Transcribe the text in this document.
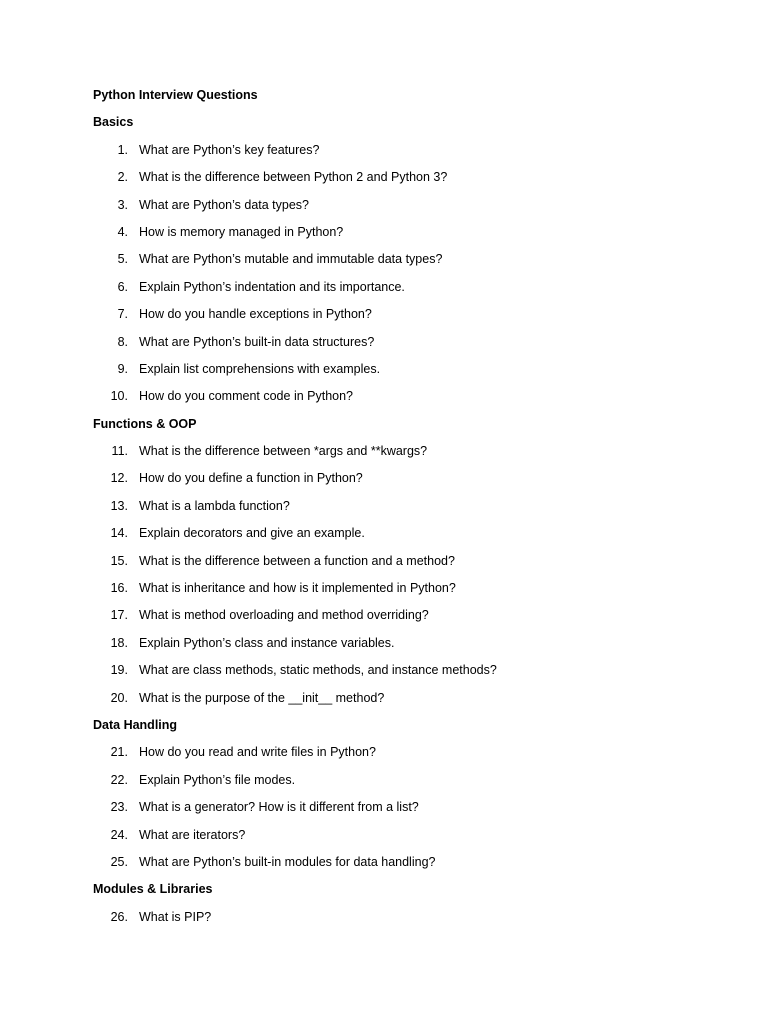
Python Interview Questions
Basics
1. What are Python’s key features?
2. What is the difference between Python 2 and Python 3?
3. What are Python’s data types?
4. How is memory managed in Python?
5. What are Python’s mutable and immutable data types?
6. Explain Python’s indentation and its importance.
7. How do you handle exceptions in Python?
8. What are Python’s built-in data structures?
9. Explain list comprehensions with examples.
10. How do you comment code in Python?
Functions & OOP
11. What is the difference between *args and **kwargs?
12. How do you define a function in Python?
13. What is a lambda function?
14. Explain decorators and give an example.
15. What is the difference between a function and a method?
16. What is inheritance and how is it implemented in Python?
17. What is method overloading and method overriding?
18. Explain Python’s class and instance variables.
19. What are class methods, static methods, and instance methods?
20. What is the purpose of the __init__ method?
Data Handling
21. How do you read and write files in Python?
22. Explain Python’s file modes.
23. What is a generator? How is it different from a list?
24. What are iterators?
25. What are Python’s built-in modules for data handling?
Modules & Libraries
26. What is PIP?
